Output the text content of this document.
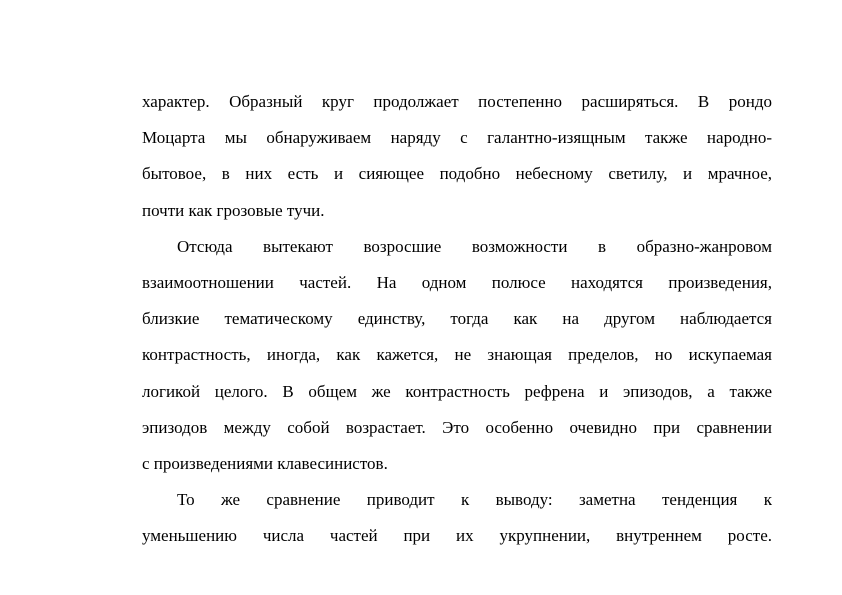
характер. Образный круг продолжает постепенно расширяться. В рондо
Моцарта мы обнаруживаем наряду с галантно-изящным также народно-
бытовое, в них есть и сияющее подобно небесному светилу, и мрачное,
почти как грозовые тучи.
Отсюда вытекают возросшие возможности в образно-жанровом
взаимоотношении частей. На одном полюсе находятся произведения,
близкие тематическому единству, тогда как на другом наблюдается
контрастность, иногда, как кажется, не знающая пределов, но искупаемая
логикой целого. В общем же контрастность рефрена и эпизодов, а также
эпизодов между собой возрастает. Это особенно очевидно при сравнении
с произведениями клавесинистов.
То же сравнение приводит к выводу: заметна тенденция к
уменьшению числа частей при их укрупнении, внутреннем росте.
